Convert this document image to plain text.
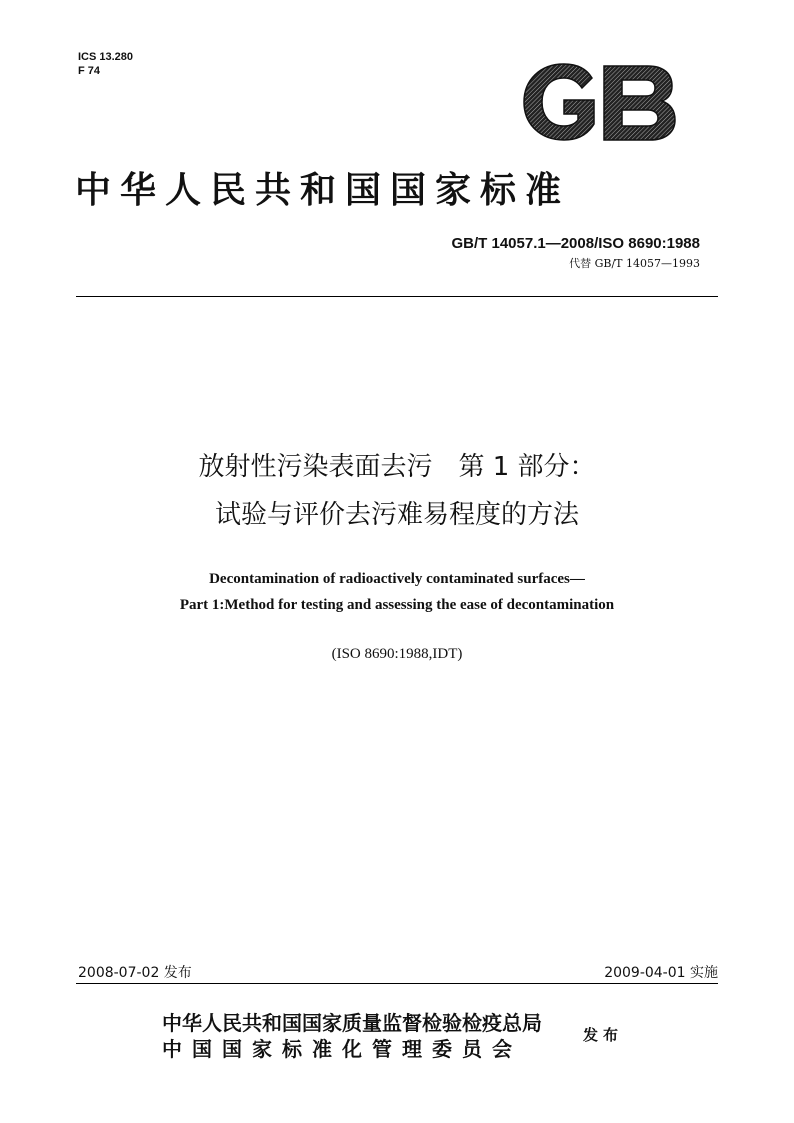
ICS 13.280
F 74
中华人民共和国国家标准
GB/T 14057.1—2008/ISO 8690:1988
代替 GB/T 14057—1993
放射性污染表面去污　第 1 部分：
试验与评价去污难易程度的方法
Decontamination of radioactively contaminated surfaces—
Part 1:Method for testing and assessing the ease of decontamination
(ISO 8690:1988,IDT)
2008-07-02 发布	2009-04-01 实施
中华人民共和国国家质量监督检验检疫总局
中国国家标准化管理委员会
发布
